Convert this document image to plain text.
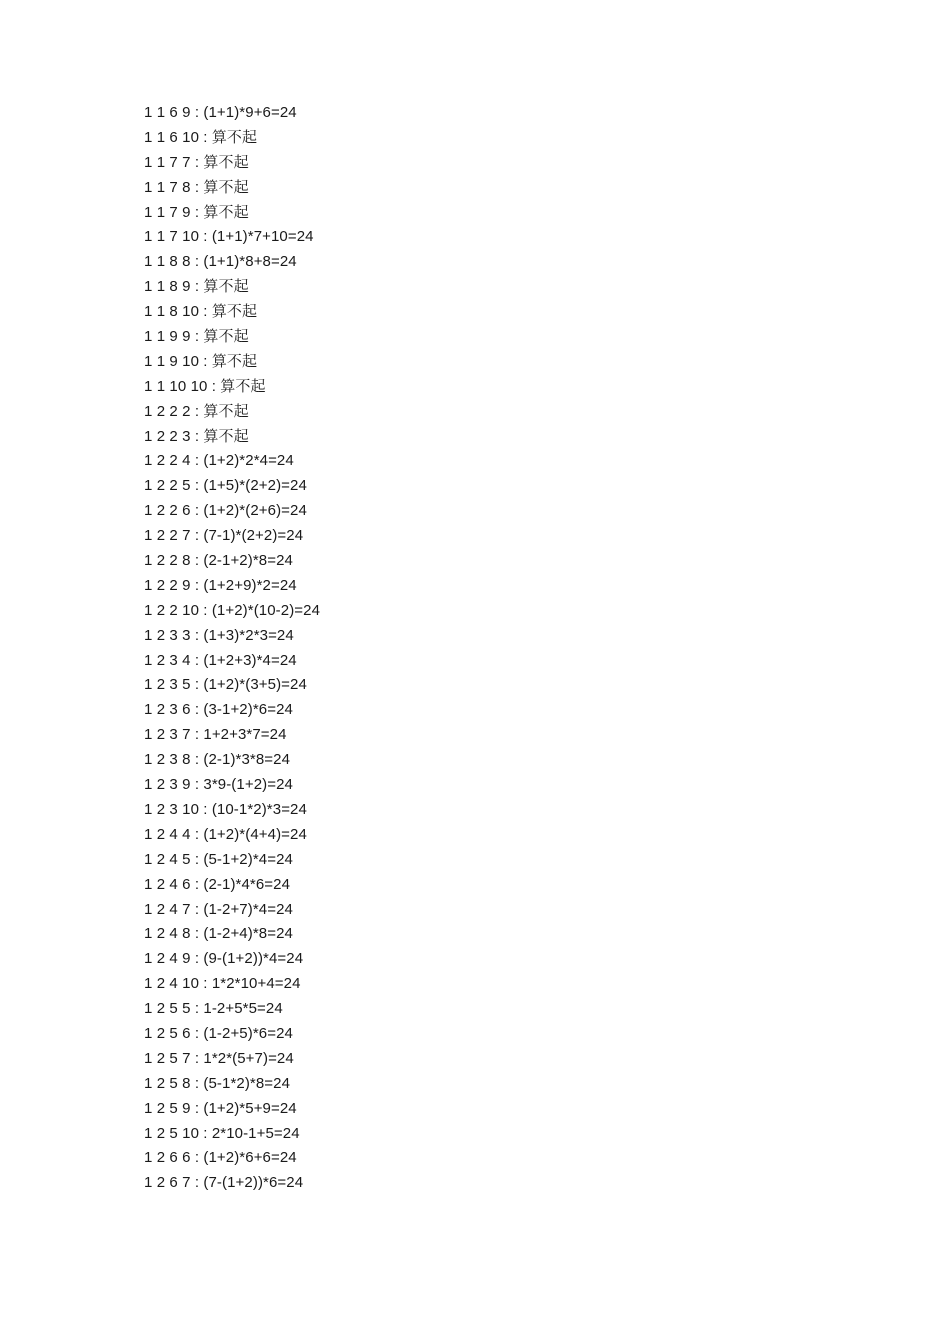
1 1 6 9 : (1+1)*9+6=24
1 1 6 10 : 算不起
1 1 7 7 : 算不起
1 1 7 8 : 算不起
1 1 7 9 : 算不起
1 1 7 10 : (1+1)*7+10=24
1 1 8 8 : (1+1)*8+8=24
1 1 8 9 : 算不起
1 1 8 10 : 算不起
1 1 9 9 : 算不起
1 1 9 10 : 算不起
1 1 10 10 : 算不起
1 2 2 2 : 算不起
1 2 2 3 : 算不起
1 2 2 4 : (1+2)*2*4=24
1 2 2 5 : (1+5)*(2+2)=24
1 2 2 6 : (1+2)*(2+6)=24
1 2 2 7 : (7-1)*(2+2)=24
1 2 2 8 : (2-1+2)*8=24
1 2 2 9 : (1+2+9)*2=24
1 2 2 10 : (1+2)*(10-2)=24
1 2 3 3 : (1+3)*2*3=24
1 2 3 4 : (1+2+3)*4=24
1 2 3 5 : (1+2)*(3+5)=24
1 2 3 6 : (3-1+2)*6=24
1 2 3 7 : 1+2+3*7=24
1 2 3 8 : (2-1)*3*8=24
1 2 3 9 : 3*9-(1+2)=24
1 2 3 10 : (10-1*2)*3=24
1 2 4 4 : (1+2)*(4+4)=24
1 2 4 5 : (5-1+2)*4=24
1 2 4 6 : (2-1)*4*6=24
1 2 4 7 : (1-2+7)*4=24
1 2 4 8 : (1-2+4)*8=24
1 2 4 9 : (9-(1+2))*4=24
1 2 4 10 : 1*2*10+4=24
1 2 5 5 : 1-2+5*5=24
1 2 5 6 : (1-2+5)*6=24
1 2 5 7 : 1*2*(5+7)=24
1 2 5 8 : (5-1*2)*8=24
1 2 5 9 : (1+2)*5+9=24
1 2 5 10 : 2*10-1+5=24
1 2 6 6 : (1+2)*6+6=24
1 2 6 7 : (7-(1+2))*6=24
